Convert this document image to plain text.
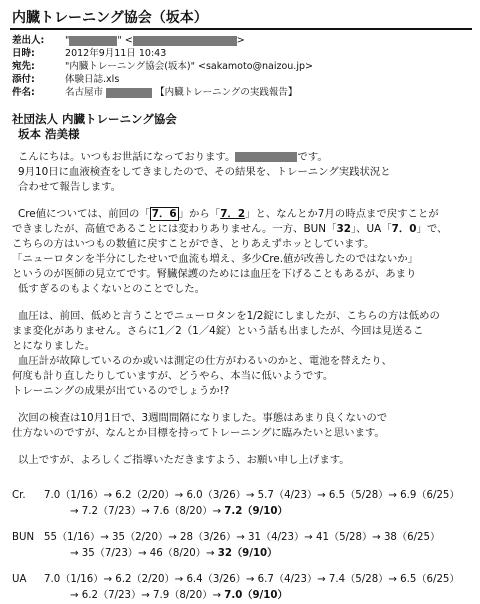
内臓トレーニング協会（坂本）
差出人: "	" <	>
日時:	2012年9月11日 10:43
宛先:	"内臓トレーニング協会(坂本)" <sakamoto@naizou.jp>
添付:	体験日誌.xls
件名:	名古屋市	【内臓トレーニングの実践報告】
社団法人 内臓トレーニング協会
坂本 浩美様

こんにちは。いつもお世話になっております。	です。
9月10日に血液検査をしてきましたので、その結果を、トレーニング実践状況と
合わせて報告します。

Cre値については、前回の「 7．6 」から「7．2」と、なんとか7月の時点まで戻すことが
できましたが、高値であることには変わりありません。一方、BUN「32」、UA「7．0」で、
こちらの方はいつもの数値に戻すことができ、とりあえずホッとしています。
「ニューロタンを半分にしたせいで血流も増え、多少Cre.値が改善したのではないか」
というのが医師の見立てです。腎臓保護のためには血圧を下げることもあるが、あまり
低すぎるのもよくないとのことでした。

血圧は、前回、低めと言うことでニューロタンを1/2錠にしましたが、こちらの方は低めの
まま変化がありません。さらに1／2（1／4錠）という話も出ましたが、今回は見送るこ
とになりました。
血圧計が故障しているのか或いは測定の仕方がわるいのかと、電池を替えたり、
何度も計り直したりしていますが、どうやら、本当に低いようです。
トレーニングの成果が出ているのでしょうか!?

次回の検査は10月1日で、3週間間隔になりました。事態はあまり良くないので
仕方ないのですが、なんとか目標を持ってトレーニングに臨みたいと思います。

以上ですが、よろしくご指導いただきますよう、お願い申し上げます。

Cr.	7.0（1/16）→ 6.2（2/20）→ 6.0（3/26）→ 5.7（4/23）→ 6.5（5/28）→ 6.9（6/25）
→ 7.2（7/23）→ 7.6（8/20）→ 7.2（9/10）
BUN 55（1/16）→ 35（2/20）→ 28（3/26）→ 31（4/23）→ 41（5/28）→ 38（6/25）
→ 35（7/23）→ 46（8/20）→ 32（9/10）
UA	7.0（1/16）→ 6.2（2/20）→ 6.4（3/26）→ 6.7（4/23）→ 7.4（5/28）→ 6.5（6/25）
→ 6.2（7/23）→ 7.9（8/20）→ 7.0（9/10）
